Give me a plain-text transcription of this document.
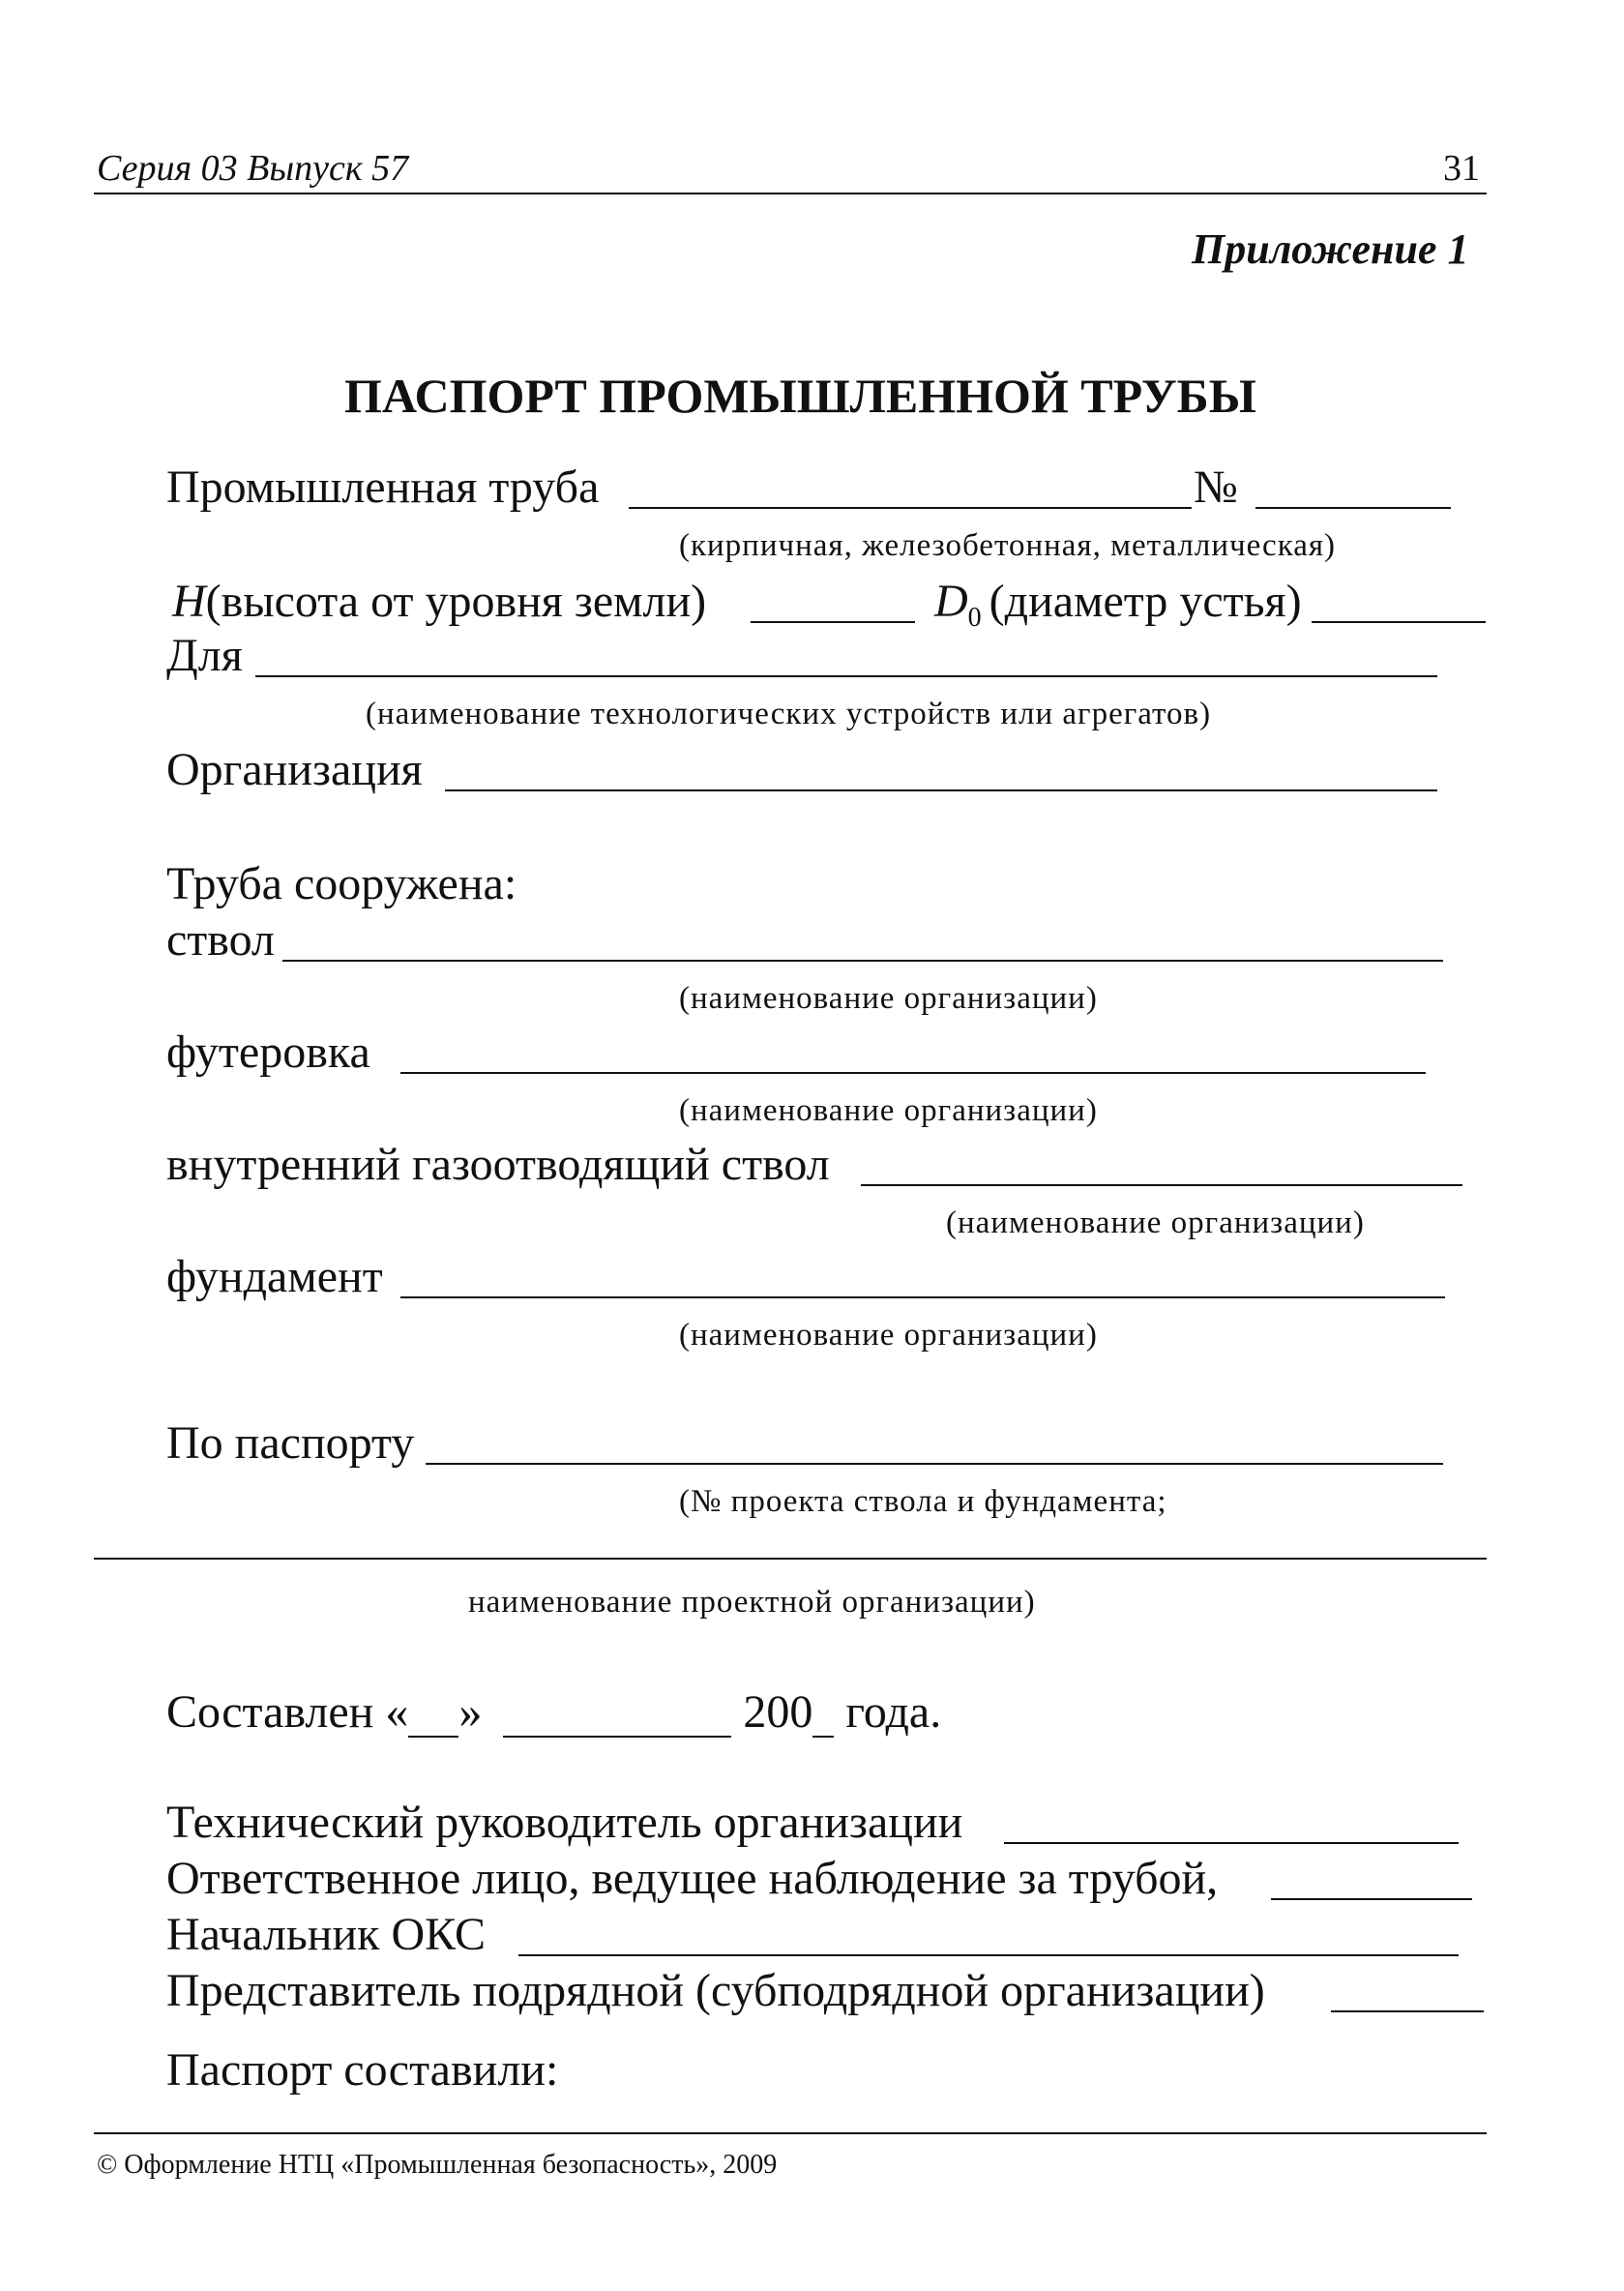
Серия 03 Выпуск 57	31
Приложение 1
ПАСПОРТ ПРОМЫШЛЕННОЙ ТРУБЫ
Промышленная труба	№
(кирпичная, железобетонная, металлическая)
H(высота от уровня земли)	$D_0$ (диаметр устья)
Для
(наименование технологических устройств или агрегатов)
Организация
Труба сооружена:
ствол
(наименование организации)
футеровка
(наименование организации)
внутренний газоотводящий ствол
(наименование организации)
фундамент
(наименование организации)
По паспорту
(№ проекта ствола и фундамента;
наименование проектной организации)
Составлен « »	200  года.
Технический руководитель организации
Ответственное лицо, ведущее наблюдение за трубой,
Начальник ОКС
Представитель подрядной (субподрядной организации)
Паспорт составили:
© Оформление НТЦ «Промышленная безопасность», 2009
